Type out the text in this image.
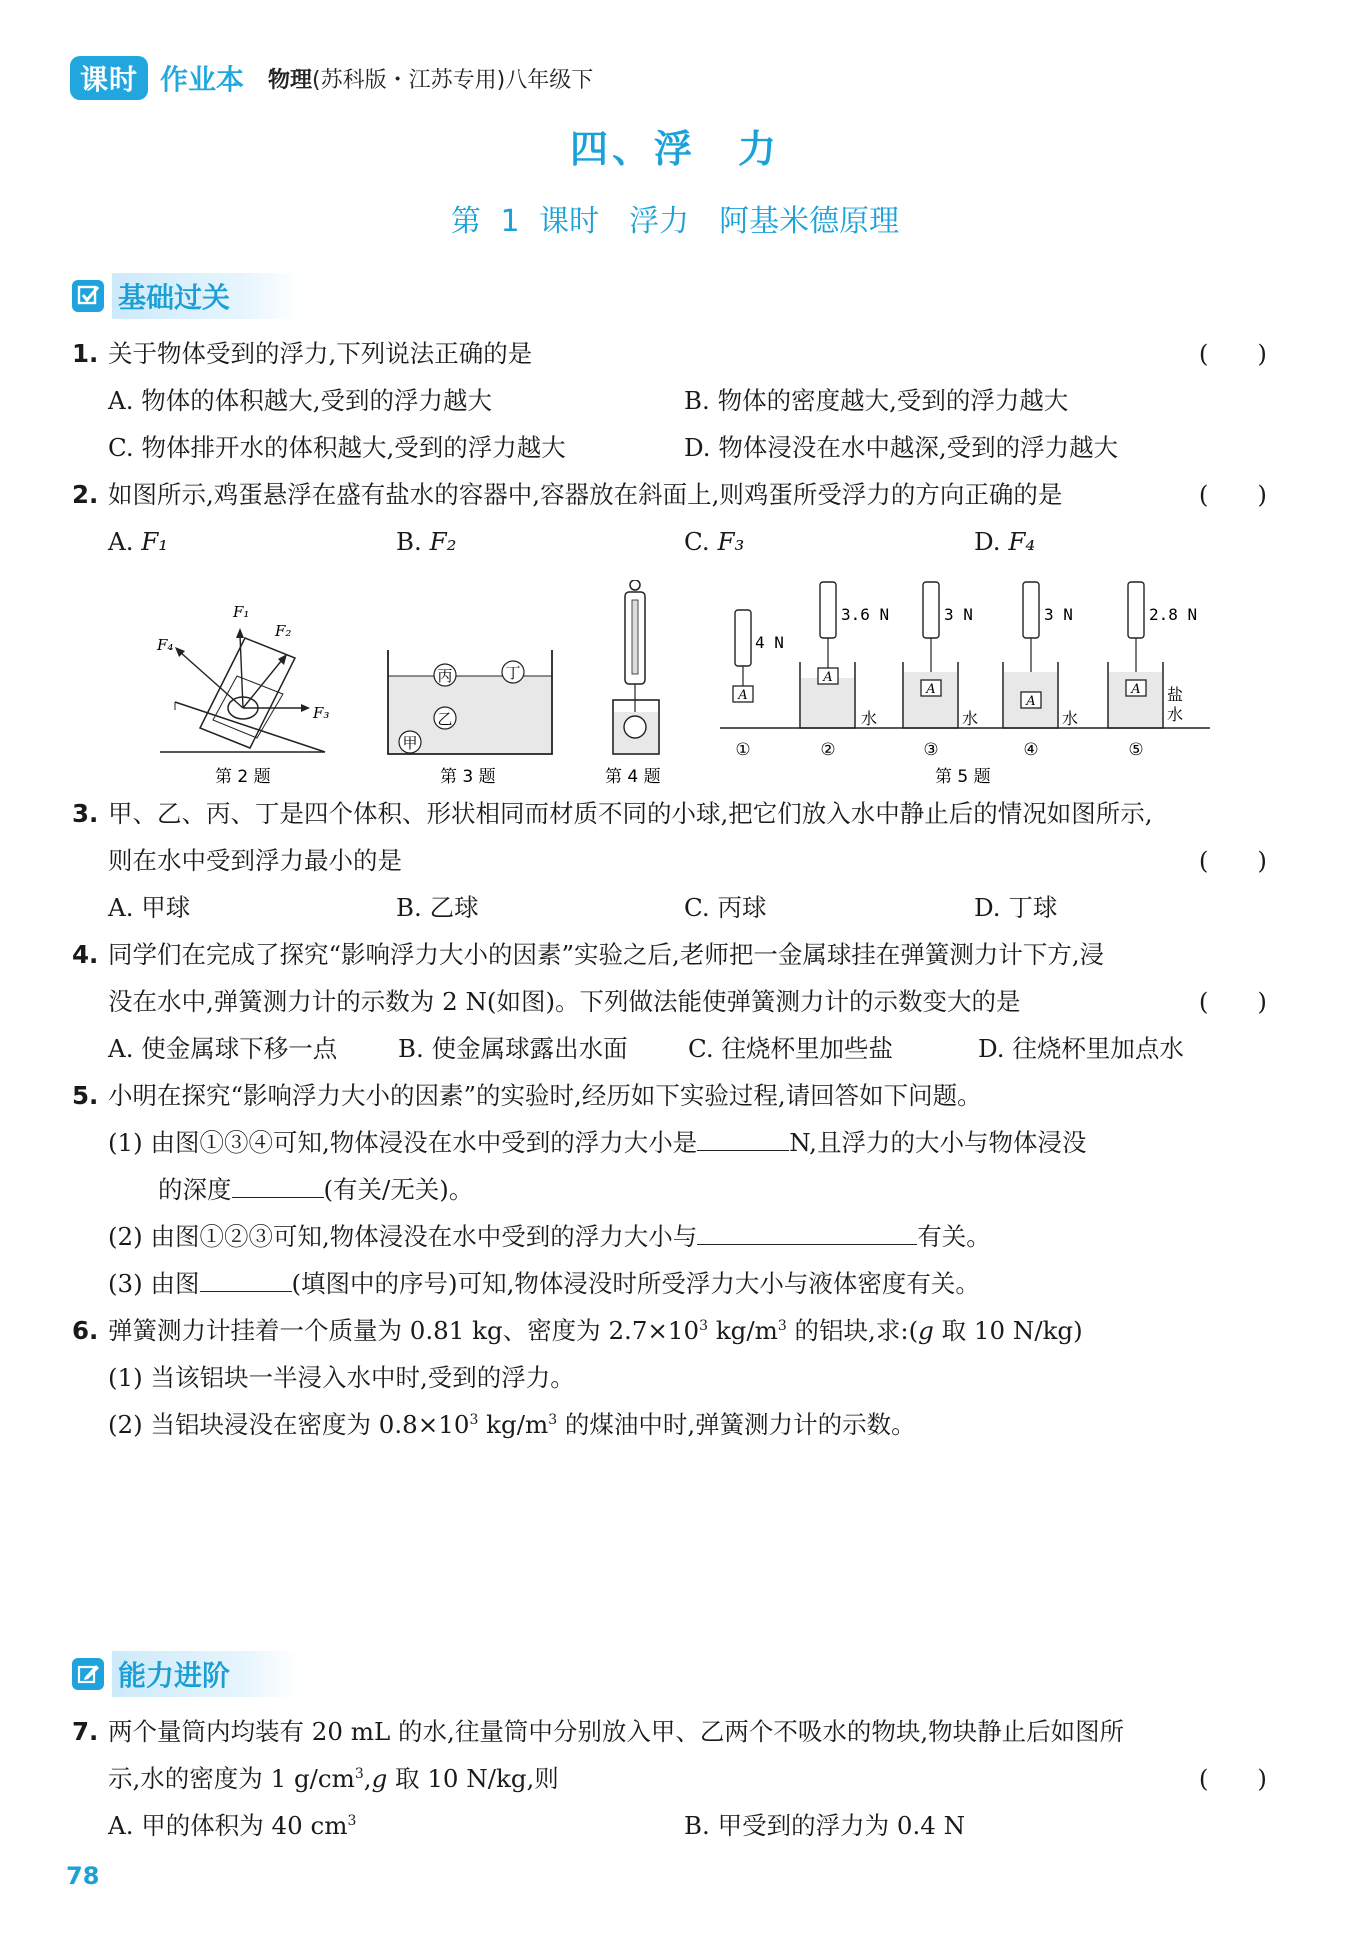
课时 作业本 物理(苏科版・江苏专用)八年级下
四、浮　力
第 1 课时　浮力　阿基米德原理
基础过关
1. 关于物体受到的浮力,下列说法正确的是	(　　)
A. 物体的体积越大,受到的浮力越大	B. 物体的密度越大,受到的浮力越大
C. 物体排开水的体积越大,受到的浮力越大	D. 物体浸没在水中越深,受到的浮力越大
2. 如图所示,鸡蛋悬浮在盛有盐水的容器中,容器放在斜面上,则鸡蛋所受浮力的方向正确的是	(　　)
A. F₁	B. F₂	C. F₃	D. F₄
F₁
F₂
F₃
F₄
第 2 题
甲
乙
丙	丁
第 3 题	第 4 题
A
4 N
①
A
3.6 N
水
②
A
3 N
水
③
A
3 N
水
④
A
2.8 N
盐
水
⑤
第 5 题
3. 甲、乙、丙、丁是四个体积、形状相同而材质不同的小球,把它们放入水中静止后的情况如图所示,
则在水中受到浮力最小的是	(　　)
A. 甲球	B. 乙球	C. 丙球	D. 丁球
4. 同学们在完成了探究“影响浮力大小的因素”实验之后,老师把一金属球挂在弹簧测力计下方,浸
没在水中,弹簧测力计的示数为 2 N(如图)。下列做法能使弹簧测力计的示数变大的是	(　　)
A. 使金属球下移一点	B. 使金属球露出水面	C. 往烧杯里加些盐	D. 往烧杯里加点水
5. 小明在探究“影响浮力大小的因素”的实验时,经历如下实验过程,请回答如下问题。
(1) 由图①③④可知,物体浸没在水中受到的浮力大小是	N,且浮力的大小与物体浸没
的深度	(有关/无关)。
(2) 由图①②③可知,物体浸没在水中受到的浮力大小与	有关。
(3) 由图	(填图中的序号)可知,物体浸没时所受浮力大小与液体密度有关。
6. 弹簧测力计挂着一个质量为 0.81 kg、密度为 $2.7\times 10^3$ $kg/m^3$ 的铝块,求:(g 取 10 N/kg)
(1) 当该铝块一半浸入水中时,受到的浮力。
(2) 当铝块浸没在密度为 $0.8\times 10^3$ $kg/m^3$ 的煤油中时,弹簧测力计的示数。
能力进阶
7. 两个量筒内均装有 20 mL 的水,往量筒中分别放入甲、乙两个不吸水的物块,物块静止后如图所
示,水的密度为 1 $g/cm^3,g$ 取 10 N/kg,则	(　　)
A. 甲的体积为 40 $cm^3$	B. 甲受到的浮力为 0.4 N
78
